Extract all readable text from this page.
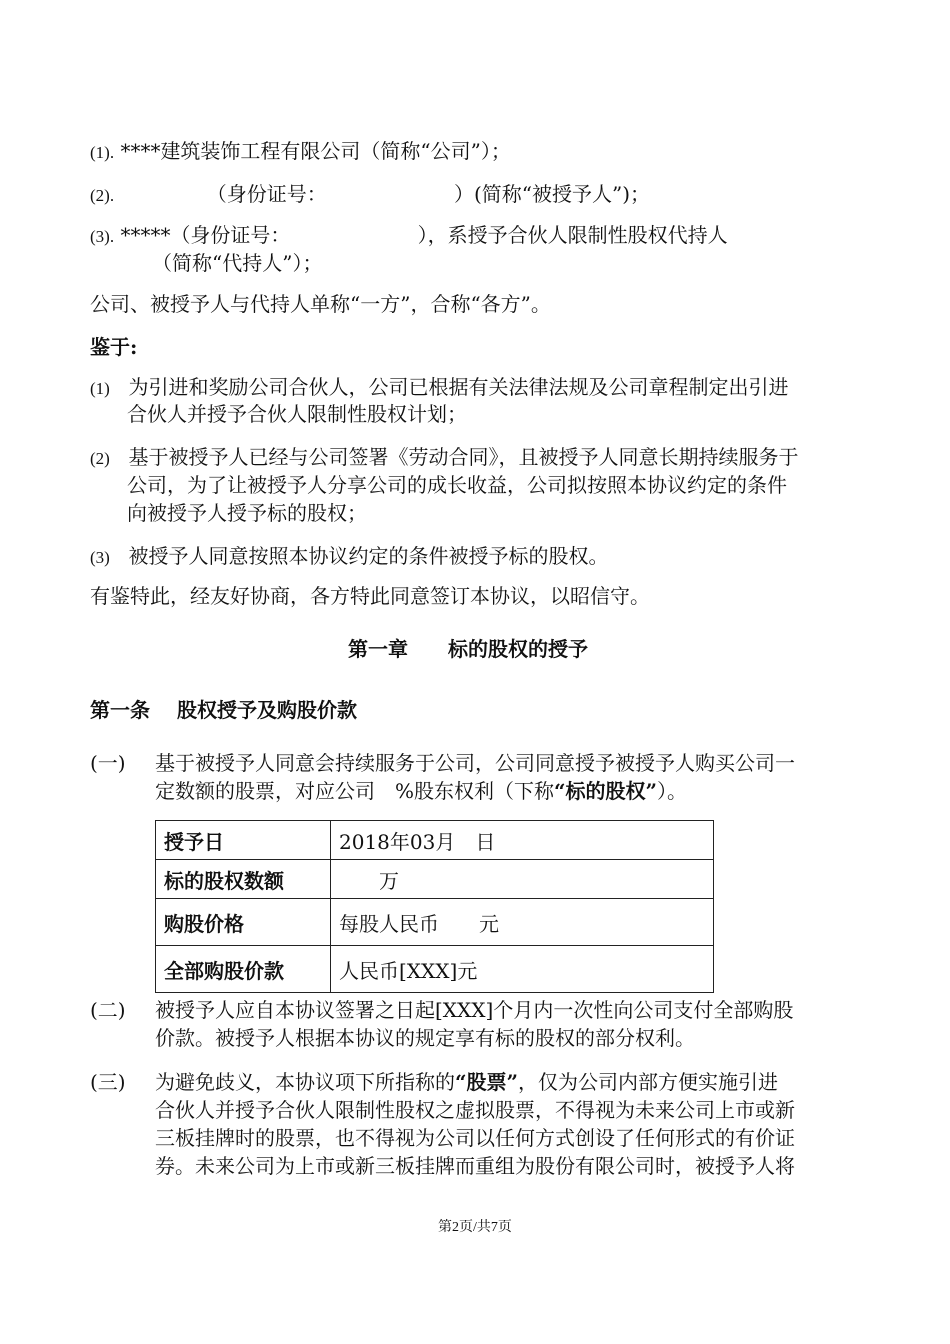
(1). ****建筑装饰工程有限公司（简称“公司”）；
(2).	（身份证号：                    ）(简称“被授予人”)；
(3). *****（身份证号：                    ），系授予合伙人限制性股权代持人
（简称“代持人”）；
公司、被授予人与代持人单称“一方”，合称“各方”。
鉴于:
(1) 为引进和奖励公司合伙人，公司已根据有关法律法规及公司章程制定出引进
合伙人并授予合伙人限制性股权计划；
(2) 基于被授予人已经与公司签署《劳动合同》，且被授予人同意长期持续服务于
公司，为了让被授予人分享公司的成长收益，公司拟按照本协议约定的条件
向被授予人授予标的股权；
(3) 被授予人同意按照本协议约定的条件被授予标的股权。
有鉴特此，经友好协商，各方特此同意签订本协议，以昭信守。
第一章　　标的股权的授予
第一条　 股权授予及购股价款
(一) 基于被授予人同意会持续服务于公司，公司同意授予被授予人购买公司一
定数额的股票，对应公司　%股东权利（下称“标的股权”）。
授予日	2018年03月　日
标的股权数额	　　万
购股价格	每股人民币　　元
全部购股价款	人民币[XXX]元
(二) 被授予人应自本协议签署之日起[XXX]个月内一次性向公司支付全部购股
价款。被授予人根据本协议的规定享有标的股权的部分权利。
(三) 为避免歧义，本协议项下所指称的“股票”，仅为公司内部方便实施引进
合伙人并授予合伙人限制性股权之虚拟股票，不得视为未来公司上市或新
三板挂牌时的股票，也不得视为公司以任何方式创设了任何形式的有价证
券。未来公司为上市或新三板挂牌而重组为股份有限公司时，被授予人将
第2页/共7页
